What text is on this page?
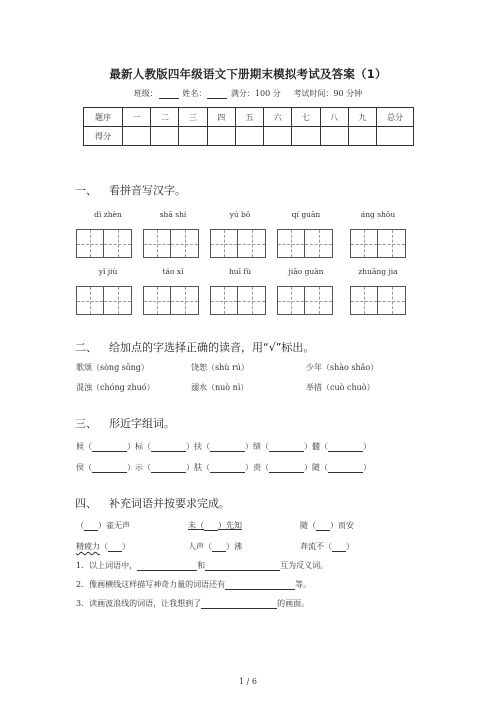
最新人教版四年级语文下册期末模拟考试及答案（1）
班级：	姓名：	满分：100 分 考试时间：90 分钟
题序	一	二	三	四	五	六	七	八	九	总分
得分										
一、 看拼音写汉字。
dì zhèn	shā shí	yú bō	qí guān	áng shǒu
yǐ jiù	táo xǐ	huī fù	jiāo guàn	zhuāng jia
二、 给加点的字选择正确的读音，用“√”标出。
歌颂（sòng sōng）	饶恕（shù rú）	少年（shào shǎo）
混浊（chóng zhuó）	溺水（nuò nì）	举措（cuò chuò）
三、 形近字组词。
候（	）标（	）扶（	）绩（	）髓（	）
侯（	）示（	）肤（	）责（	）随（	）
四、 补充词语并按要求完成。
（ ）雀无声	未（ ）先知	随（ ）而安
精疲力（ ）	人声（ ）沸	奔流不（ ）
1．以上词语中，	和	互为反义词。
2．像画横线这样描写神奇力量的词语还有	等。
3．读画波浪线的词语，让我想到了	的画面。
1 / 6
